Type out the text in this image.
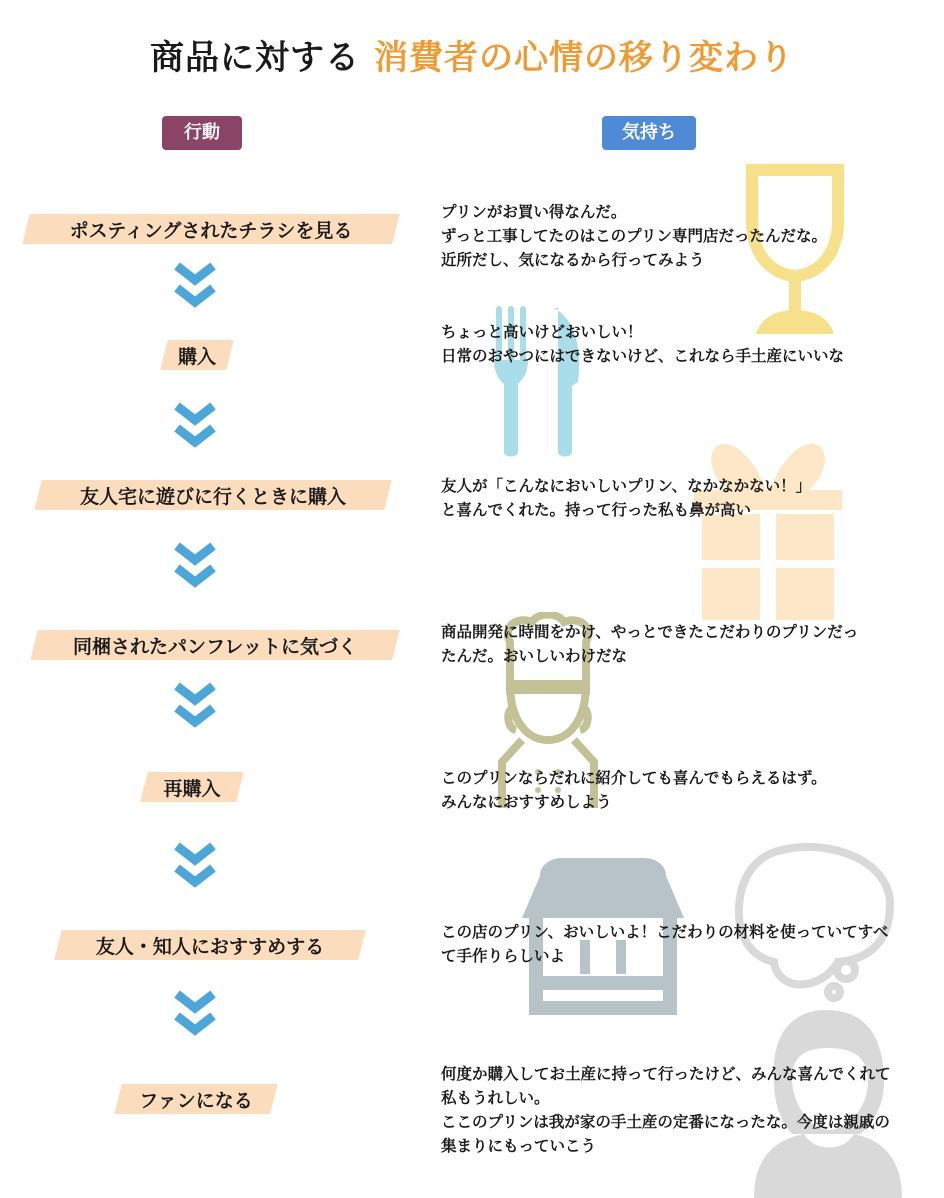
商品に対する 消費者の心情の移り変わり
行動	気持ち
ポスティングされたチラシを見る
購入
友人宅に遊びに行くときに購入
同梱されたパンフレットに気づく
再購入
友人・知人におすすめする
ファンになる
プリンがお買い得なんだ。
ずっと工事してたのはこのプリン専門店だったんだな。
近所だし、気になるから行ってみよう
ちょっと高いけどおいしい！
日常のおやつにはできないけど、これなら手土産にいいな
友人が「こんなにおいしいプリン、なかなかない！」
と喜んでくれた。持って行った私も鼻が高い
商品開発に時間をかけ、やっとできたこだわりのプリンだったんだ。おいしいわけだな
このプリンならだれに紹介しても喜んでもらえるはず。
みんなにおすすめしよう
この店のプリン、おいしいよ！こだわりの材料を使っていてすべて手作りらしいよ
何度か購入してお土産に持って行ったけど、みんな喜んでくれて私もうれしい。
ここのプリンは我が家の手土産の定番になったな。今度は親戚の集まりにもっていこう
